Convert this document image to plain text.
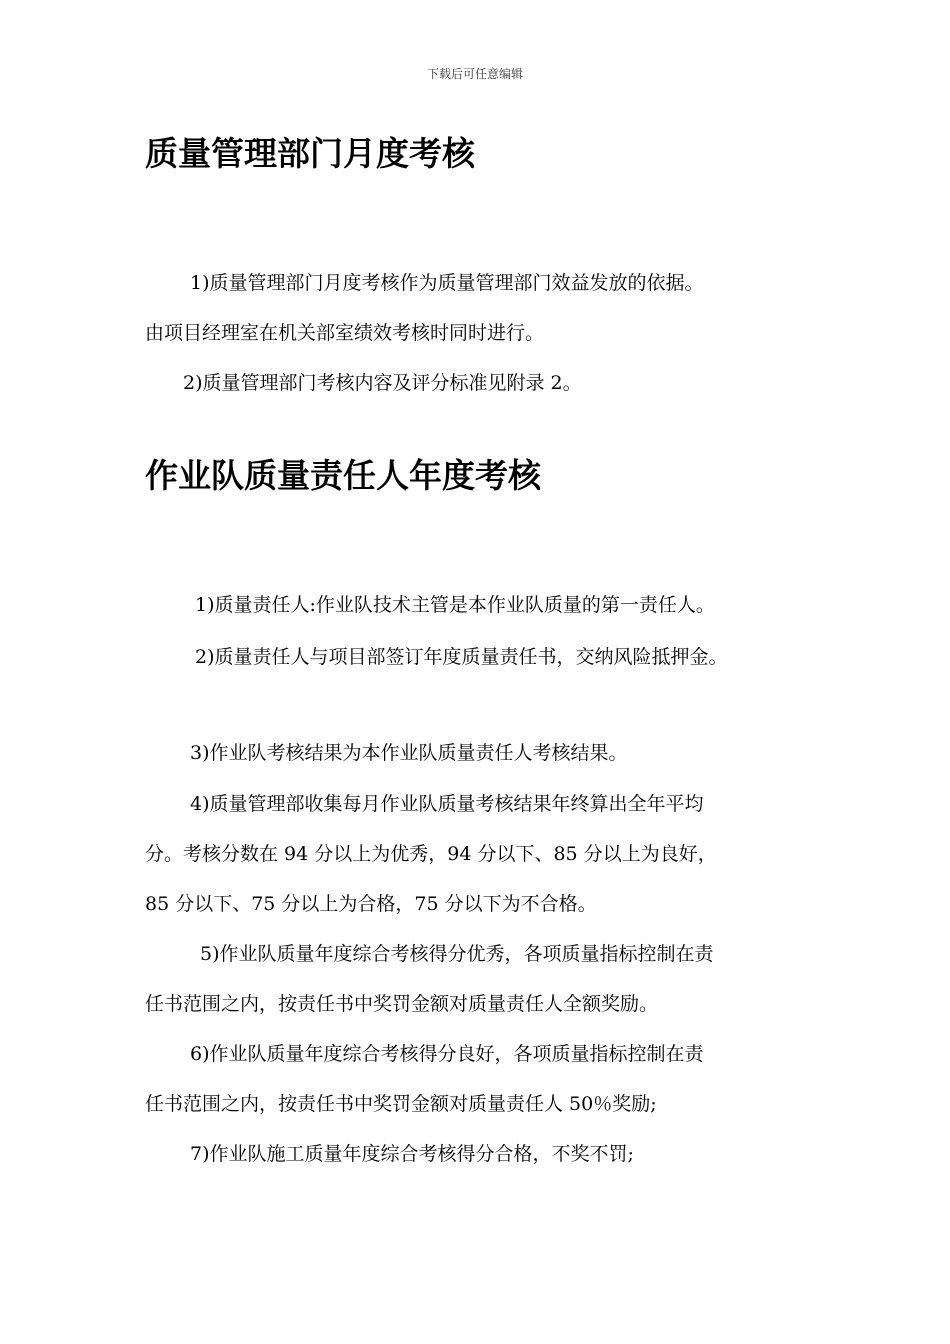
下载后可任意编辑
质量管理部门月度考核
1)质量管理部门月度考核作为质量管理部门效益发放的依据。
由项目经理室在机关部室绩效考核时同时进行。
2)质量管理部门考核内容及评分标准见附录 2。
作业队质量责任人年度考核
1)质量责任人:作业队技术主管是本作业队质量的第一责任人。
2)质量责任人与项目部签订年度质量责任书，交纳风险抵押金。
3)作业队考核结果为本作业队质量责任人考核结果。
4)质量管理部收集每月作业队质量考核结果年终算出全年平均
分。考核分数在 94 分以上为优秀，94 分以下、85 分以上为良好，
85 分以下、75 分以上为合格，75 分以下为不合格。
5)作业队质量年度综合考核得分优秀，各项质量指标控制在责
任书范围之内，按责任书中奖罚金额对质量责任人全额奖励。
6)作业队质量年度综合考核得分良好，各项质量指标控制在责
任书范围之内，按责任书中奖罚金额对质量责任人 50％奖励;
7)作业队施工质量年度综合考核得分合格，不奖不罚;
